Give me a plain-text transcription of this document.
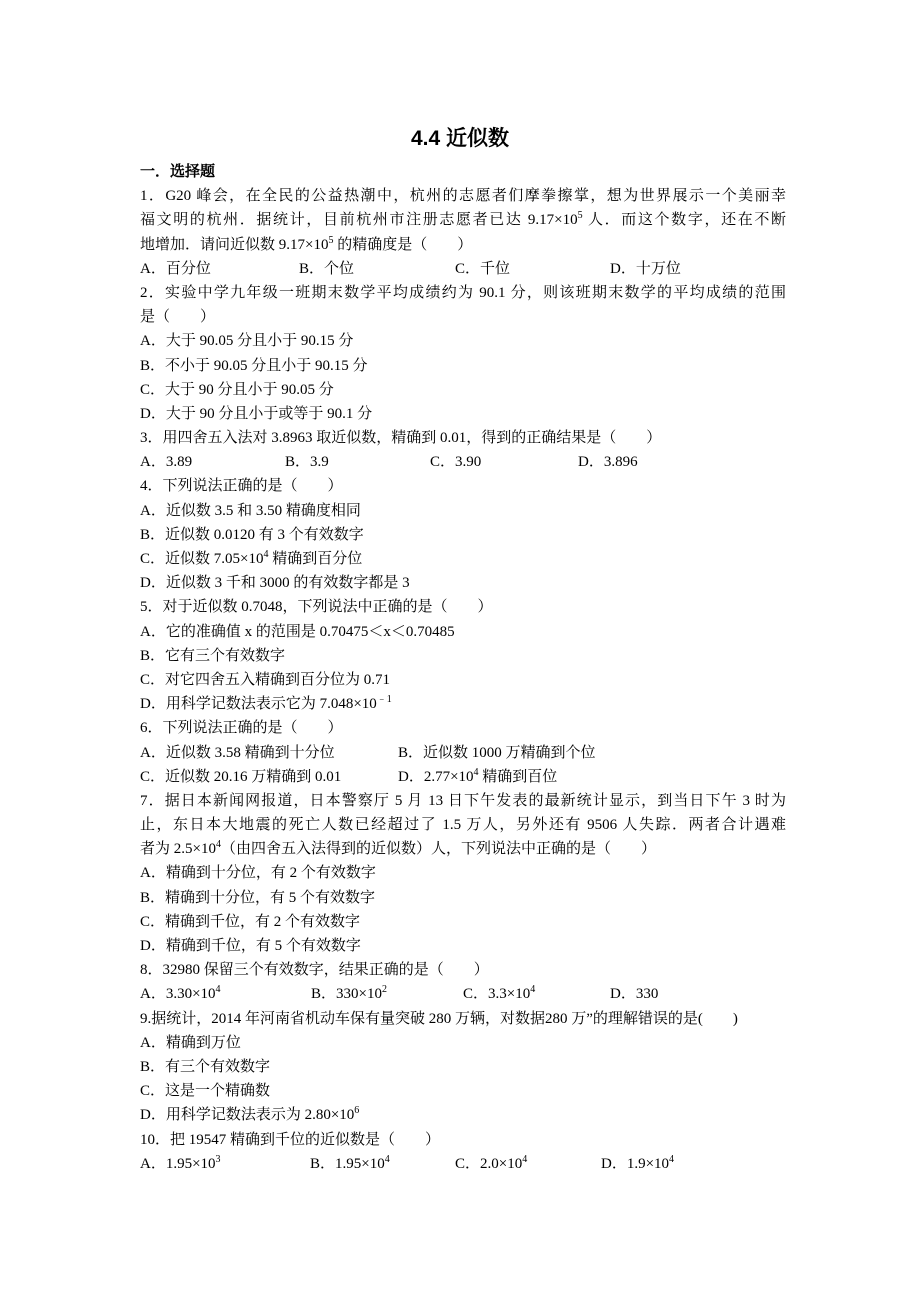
4.4 近似数
一．选择题
1．G20 峰会，在全民的公益热潮中，杭州的志愿者们摩拳擦掌，想为世界展示一个美丽幸
福文明的杭州．据统计，目前杭州市注册志愿者已达 $9.17\times 10^5$ 人．而这个数字，还在不断
地增加．请问近似数 $9.17\times 10^5$ 的精确度是（　　）
A．百分位	B．个位	C．千位	D．十万位
2．实验中学九年级一班期末数学平均成绩约为 90.1 分，则该班期末数学的平均成绩的范围
是（　　）
A．大于 90.05 分且小于 90.15 分
B．不小于 90.05 分且小于 90.15 分
C．大于 90 分且小于 90.05 分
D．大于 90 分且小于或等于 90.1 分
3．用四舍五入法对 3.8963 取近似数，精确到 0.01，得到的正确结果是（　　）
A．3.89	B．3.9	C．3.90	D．3.896
4．下列说法正确的是（　　）
A．近似数 3.5 和 3.50 精确度相同
B．近似数 0.0120 有 3 个有效数字
C．近似数 $7.05\times 10^4$ 精确到百分位
D．近似数 3 千和 3000 的有效数字都是 3
5．对于近似数 0.7048，下列说法中正确的是（　　）
A．它的准确值 x 的范围是 0.70475＜x＜0.70485
B．它有三个有效数字
C．对它四舍五入精确到百分位为 0.71
D．用科学记数法表示它为 $7.048\times 10^{﹣1}$
6．下列说法正确的是（　　）
A．近似数 3.58 精确到十分位	B．近似数 1000 万精确到个位
C．近似数 20.16 万精确到 0.01	D．$2.77\times 10^4$ 精确到百位
7．据日本新闻网报道，日本警察厅 5 月 13 日下午发表的最新统计显示，到当日下午 3 时为
止，东日本大地震的死亡人数已经超过了 1.5 万人，另外还有 9506 人失踪．两者合计遇难
者为 $2.5\times 10^4$（由四舍五入法得到的近似数）人，下列说法中正确的是（　　）
A．精确到十分位，有 2 个有效数字
B．精确到十分位，有 5 个有效数字
C．精确到千位，有 2 个有效数字
D．精确到千位，有 5 个有效数字
8．32980 保留三个有效数字，结果正确的是（　　）
A．$3.30\times 10^4$	B．$330\times 10^2$	C．$3.3\times 10^4$	D．330
9.据统计，2014 年河南省机动车保有量突破 280 万辆，对数据280 万”的理解错误的是(　　)
A．精确到万位
B．有三个有效数字
C．这是一个精确数
D．用科学记数法表示为 $2.80\times 10^6$
10．把 19547 精确到千位的近似数是（　　）
A．$1.95\times 10^3$	B．$1.95\times 10^4$	C．$2.0\times 10^4$	D．$1.9\times 10^4$
